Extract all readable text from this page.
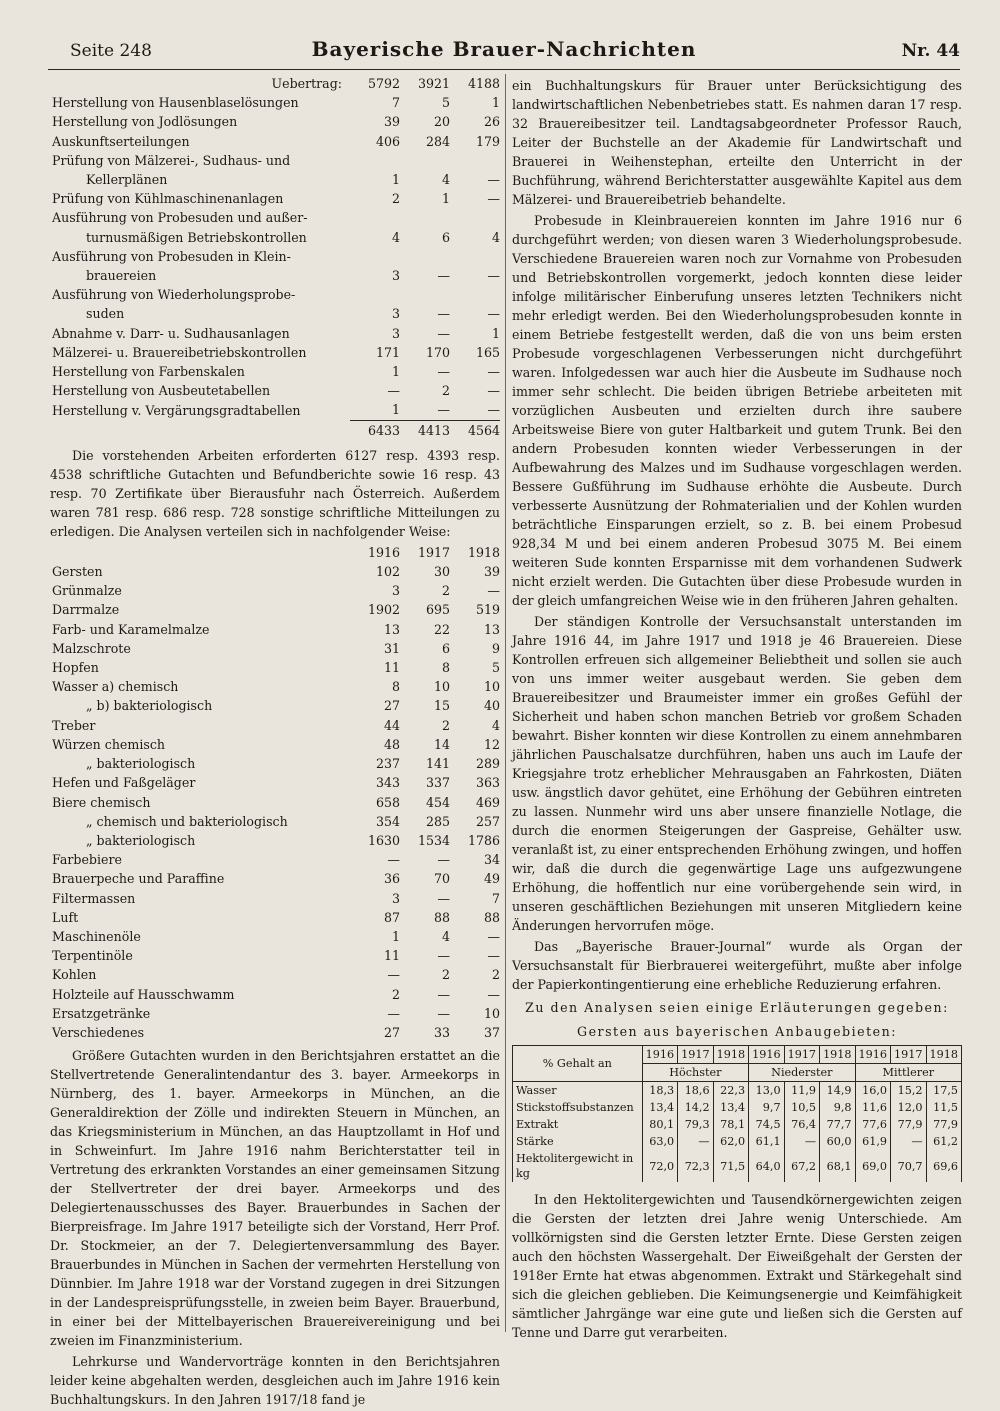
Seite 248	Bayerische Brauer-Nachrichten	Nr. 44
Uebertrag:	5792	3921	4188
Herstellung von Hausenblaselösungen	7	5	1
Herstellung von Jodlösungen	39	20	26
Auskunftserteilungen	406	284	179
Prüfung von Mälzerei-, Sudhaus- und			
Kellerplänen	1	4	—
Prüfung von Kühlmaschinenanlagen	2	1	—
Ausführung von Probesuden und außer-			
turnusmäßigen Betriebskontrollen	4	6	4
Ausführung von Probesuden in Klein-			
brauereien	3	—	—
Ausführung von Wiederholungsprobe-			
suden	3	—	—
Abnahme v. Darr- u. Sudhausanlagen	3	—	1
Mälzerei- u. Brauereibetriebskontrollen	171	170	165
Herstellung von Farbenskalen	1	—	—
Herstellung von Ausbeutetabellen	—	2	—
Herstellung v. Vergärungsgradtabellen	1	—	—
	6433	4413	4564

Die vorstehenden Arbeiten erforderten 6127 resp. 4393 resp. 4538 schriftliche Gutachten und Befundberichte sowie 16 resp. 43 resp. 70 Zertifikate über Bierausfuhr nach Österreich. Außerdem waren 781 resp. 686 resp. 728 sonstige schriftliche Mitteilungen zu erledigen. Die Analysen verteilen sich in nachfolgender Weise:

	1916	1917	1918
Gersten	102	30	39
Grünmalze	3	2	—
Darrmalze	1902	695	519
Farb- und Karamelmalze	13	22	13
Malzschrote	31	6	9
Hopfen	11	8	5
Wasser a) chemisch	8	10	10
„ b) bakteriologisch	27	15	40
Treber	44	2	4
Würzen chemisch	48	14	12
„ bakteriologisch	237	141	289
Hefen und Faßgeläger	343	337	363
Biere chemisch	658	454	469
„ chemisch und bakteriologisch	354	285	257
„ bakteriologisch	1630	1534	1786
Farbebiere	—	—	34
Brauerpeche und Paraffine	36	70	49
Filtermassen	3	—	7
Luft	87	88	88
Maschinenöle	1	4	—
Terpentinöle	11	—	—
Kohlen	—	2	2
Holzteile auf Hausschwamm	2	—	—
Ersatzgetränke	—	—	10
Verschiedenes	27	33	37

Größere Gutachten wurden in den Berichtsjahren erstattet an die Stellvertretende Generalintendantur des 3. bayer. Armeekorps in Nürnberg, des 1. bayer. Armeekorps in München, an die Generaldirektion der Zölle und indirekten Steuern in München, an das Kriegsministerium in München, an das Hauptzollamt in Hof und in Schweinfurt. Im Jahre 1916 nahm Berichterstatter teil in Vertretung des erkrankten Vorstandes an einer gemeinsamen Sitzung der Stellvertreter der drei bayer. Armeekorps und des Delegiertenausschusses des Bayer. Brauerbundes in Sachen der Bierpreisfrage. Im Jahre 1917 beteiligte sich der Vorstand, Herr Prof. Dr. Stockmeier, an der 7. Delegiertenversammlung des Bayer. Brauerbundes in München in Sachen der vermehrten Herstellung von Dünnbier. Im Jahre 1918 war der Vorstand zugegen in drei Sitzungen in der Landespreisprüfungsstelle, in zweien beim Bayer. Brauerbund, in einer bei der Mittelbayerischen Brauereivereinigung und bei zweien im Finanzministerium.

Lehrkurse und Wandervorträge konnten in den Berichtsjahren leider keine abgehalten werden, desgleichen auch im Jahre 1916 kein Buchhaltungskurs. In den Jahren 1917/18 fand je

ein Buchhaltungskurs für Brauer unter Berücksichtigung des landwirtschaftlichen Nebenbetriebes statt. Es nahmen daran 17 resp. 32 Brauereibesitzer teil. Landtagsabgeordneter Professor Rauch, Leiter der Buchstelle an der Akademie für Landwirtschaft und Brauerei in Weihenstephan, erteilte den Unterricht in der Buchführung, während Berichterstatter ausgewählte Kapitel aus dem Mälzerei- und Brauereibetrieb behandelte.

Probesude in Kleinbrauereien konnten im Jahre 1916 nur 6 durchgeführt werden; von diesen waren 3 Wiederholungsprobesude. Verschiedene Brauereien waren noch zur Vornahme von Probesuden und Betriebskontrollen vorgemerkt, jedoch konnten diese leider infolge militärischer Einberufung unseres letzten Technikers nicht mehr erledigt werden. Bei den Wiederholungsprobesuden konnte in einem Betriebe festgestellt werden, daß die von uns beim ersten Probesude vorgeschlagenen Verbesserungen nicht durchgeführt waren. Infolgedessen war auch hier die Ausbeute im Sudhause noch immer sehr schlecht. Die beiden übrigen Betriebe arbeiteten mit vorzüglichen Ausbeuten und erzielten durch ihre saubere Arbeitsweise Biere von guter Haltbarkeit und gutem Trunk. Bei den andern Probesuden konnten wieder Verbesserungen in der Aufbewahrung des Malzes und im Sudhause vorgeschlagen werden. Bessere Gußführung im Sudhause erhöhte die Ausbeute. Durch verbesserte Ausnützung der Rohmaterialien und der Kohlen wurden beträchtliche Einsparungen erzielt, so z. B. bei einem Probesud 928,34 M und bei einem anderen Probesud 3075 M. Bei einem weiteren Sude konnten Ersparnisse mit dem vorhandenen Sudwerk nicht erzielt werden. Die Gutachten über diese Probesude wurden in der gleich umfangreichen Weise wie in den früheren Jahren gehalten.

Der ständigen Kontrolle der Versuchsanstalt unterstanden im Jahre 1916 44, im Jahre 1917 und 1918 je 46 Brauereien. Diese Kontrollen erfreuen sich allgemeiner Beliebtheit und sollen sie auch von uns immer weiter ausgebaut werden. Sie geben dem Brauereibesitzer und Braumeister immer ein großes Gefühl der Sicherheit und haben schon manchen Betrieb vor großem Schaden bewahrt. Bisher konnten wir diese Kontrollen zu einem annehmbaren jährlichen Pauschalsatze durchführen, haben uns auch im Laufe der Kriegsjahre trotz erheblicher Mehrausgaben an Fahrkosten, Diäten usw. ängstlich davor gehütet, eine Erhöhung der Gebühren eintreten zu lassen. Nunmehr wird uns aber unsere finanzielle Notlage, die durch die enormen Steigerungen der Gaspreise, Gehälter usw. veranlaßt ist, zu einer entsprechenden Erhöhung zwingen, und hoffen wir, daß die durch die gegenwärtige Lage uns aufgezwungene Erhöhung, die hoffentlich nur eine vorübergehende sein wird, in unseren geschäftlichen Beziehungen mit unseren Mitgliedern keine Änderungen hervorrufen möge.

Das „Bayerische Brauer-Journal“ wurde als Organ der Versuchsanstalt für Bierbrauerei weitergeführt, mußte aber infolge der Papierkontingentierung eine erhebliche Reduzierung erfahren.

Zu den Analysen seien einige Erläuterungen gegeben:

Gersten aus bayerischen Anbaugebieten:

% Gehalt an	1916	1917	1918	1916	1917	1918	1916	1917	1918
	Höchster			Niederster			Mittlerer		
Wasser	18,3	18,6	22,3	13,0	11,9	14,9	16,0	15,2	17,5
Stickstoffsubstanzen	13,4	14,2	13,4	9,7	10,5	9,8	11,6	12,0	11,5
Extrakt	80,1	79,3	78,1	74,5	76,4	77,7	77,6	77,9	77,9
Stärke	63,0	—	62,0	61,1	—	60,0	61,9	—	61,2
Hektolitergewicht in kg	72,0	72,3	71,5	64,0	67,2	68,1	69,0	70,7	69,6

In den Hektolitergewichten und Tausendkörnergewichten zeigen die Gersten der letzten drei Jahre wenig Unterschiede. Am vollkörnigsten sind die Gersten letzter Ernte. Diese Gersten zeigen auch den höchsten Wassergehalt. Der Eiweißgehalt der Gersten der 1918er Ernte hat etwas abgenommen. Extrakt und Stärkegehalt sind sich die gleichen geblieben. Die Keimungsenergie und Keimfähigkeit sämtlicher Jahrgänge war eine gute und ließen sich die Gersten auf Tenne und Darre gut verarbeiten.
